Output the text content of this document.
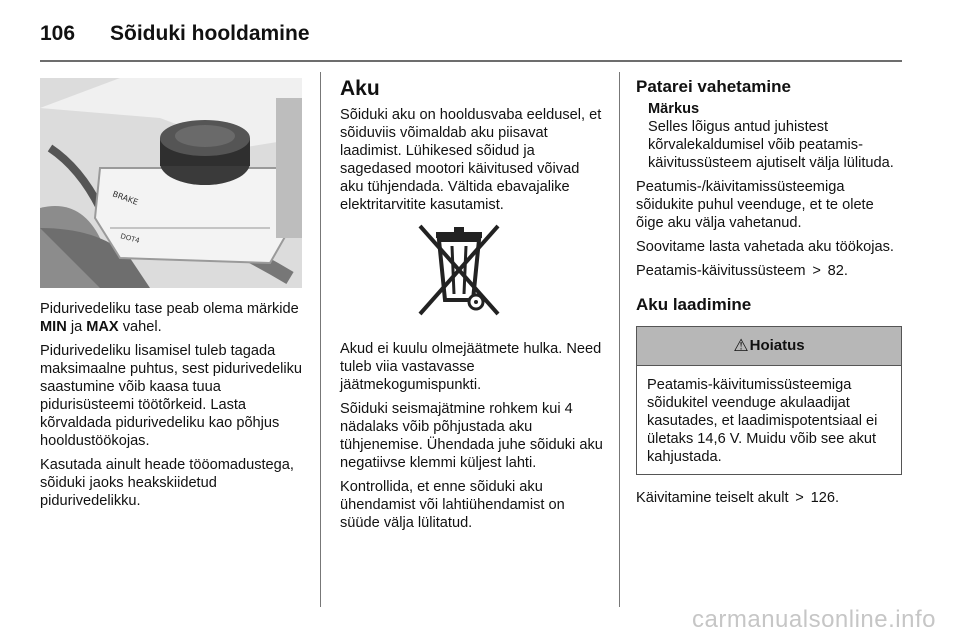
106	Sõiduki hooldamine
BRAKE
DOT4

Pidurivedeliku tase peab olema märkide MIN ja MAX vahel.

Pidurivedeliku lisamisel tuleb tagada maksimaalne puhtus, sest pidurivedeliku saastumine võib kaasa tuua pidurisüsteemi töötõrkeid. Lasta kõrvaldada pidurivedeliku kao põhjus hooldustöökojas.

Kasutada ainult heade tööomadustega, sõiduki jaoks heakskiidetud pidurivedelikku.

Aku

Sõiduki aku on hooldusvaba eeldusel, et sõiduviis võimaldab aku piisavat laadimist. Lühikesed sõidud ja sagedased mootori käivitused võivad aku tühjendada. Vältida ebavajalike elektritarvitite kasutamist.

Akud ei kuulu olmejäätmete hulka. Need tuleb viia vastavasse jäätmekogumispunkti.

Sõiduki seismajätmine rohkem kui 4 nädalaks võib põhjustada aku tühjenemise. Ühendada juhe sõiduki aku negatiivse klemmi küljest lahti.

Kontrollida, et enne sõiduki aku ühendamist või lahtiühendamist on süüde välja lülitatud.

Patarei vahetamine
Märkus
Selles lõigus antud juhistest kõrvalekaldumisel võib peatamis-käivitussüsteem ajutiselt välja lülituda.

Peatumis-/käivitamissüsteemiga sõidukite puhul veenduge, et te olete õige aku välja vahetanud.

Soovitame lasta vahetada aku töökojas.

Peatamis-käivitussüsteem > 82.

Aku laadimine
⚠ Hoiatus
Peatamis-käivitumissüsteemiga sõidukitel veenduge akulaadijat kasutades, et laadimispotentsiaal ei ületaks 14,6 V. Muidu võib see akut kahjustada.

Käivitamine teiselt akult > 126.

carmanualsonline.info
